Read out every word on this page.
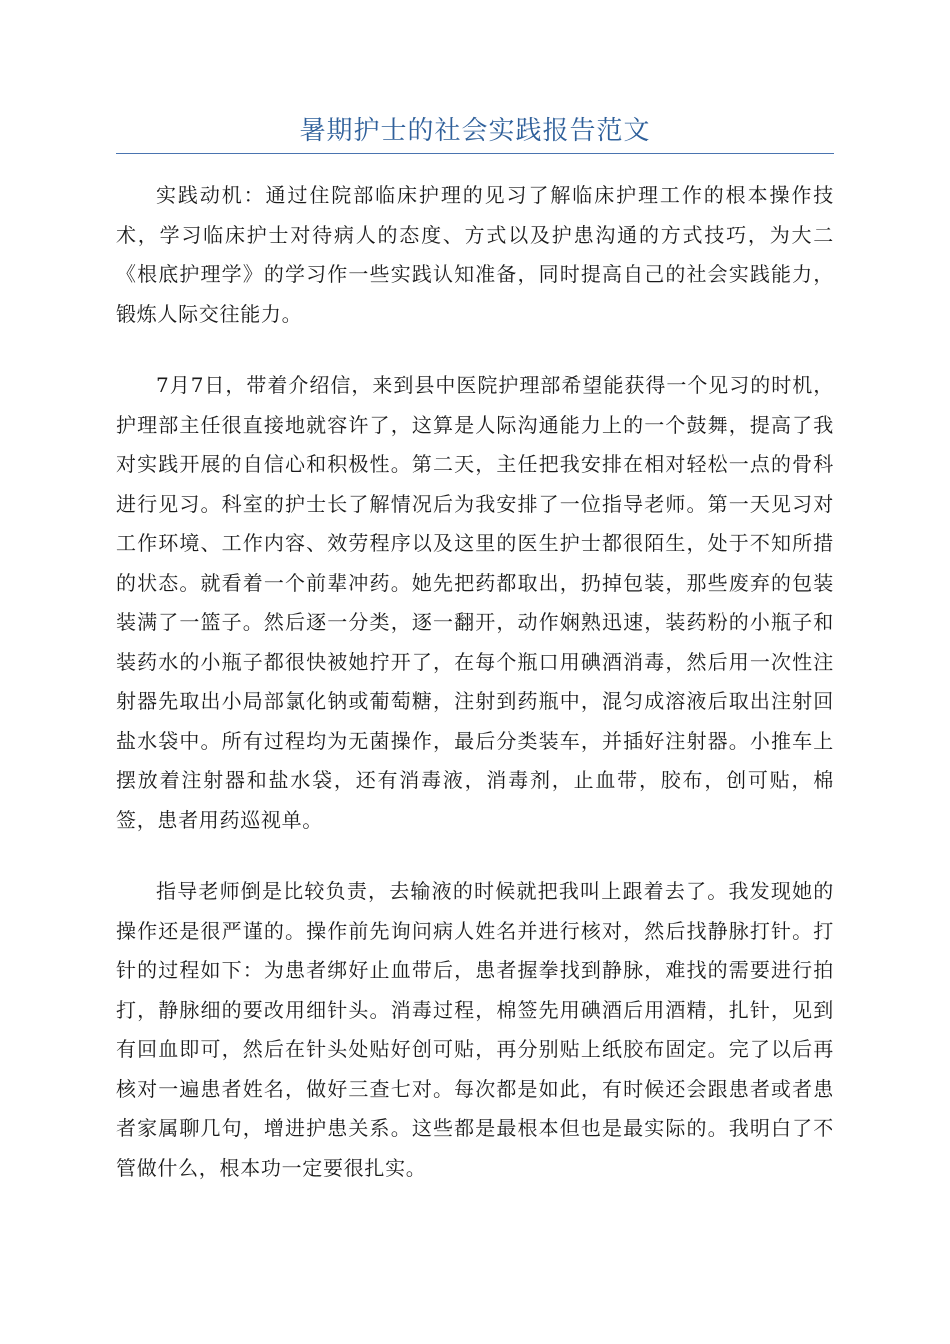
暑期护士的社会实践报告范文

实践动机：通过住院部临床护理的见习了解临床护理工作的根本操作技术，学习临床护士对待病人的态度、方式以及护患沟通的方式技巧，为大二《根底护理学》的学习作一些实践认知准备，同时提高自己的社会实践能力，锻炼人际交往能力。

7月7日，带着介绍信，来到县中医院护理部希望能获得一个见习的时机，护理部主任很直接地就容许了，这算是人际沟通能力上的一个鼓舞，提高了我对实践开展的自信心和积极性。第二天，主任把我安排在相对轻松一点的骨科进行见习。科室的护士长了解情况后为我安排了一位指导老师。第一天见习对工作环境、工作内容、效劳程序以及这里的医生护士都很陌生，处于不知所措的状态。就看着一个前辈冲药。她先把药都取出，扔掉包装，那些废弃的包装装满了一篮子。然后逐一分类，逐一翻开，动作娴熟迅速，装药粉的小瓶子和装药水的小瓶子都很快被她拧开了，在每个瓶口用碘酒消毒，然后用一次性注射器先取出小局部氯化钠或葡萄糖，注射到药瓶中，混匀成溶液后取出注射回盐水袋中。所有过程均为无菌操作，最后分类装车，并插好注射器。小推车上摆放着注射器和盐水袋，还有消毒液，消毒剂，止血带，胶布，创可贴，棉签，患者用药巡视单。

指导老师倒是比较负责，去输液的时候就把我叫上跟着去了。我发现她的操作还是很严谨的。操作前先询问病人姓名并进行核对，然后找静脉打针。打针的过程如下：为患者绑好止血带后，患者握拳找到静脉，难找的需要进行拍打，静脉细的要改用细针头。消毒过程，棉签先用碘酒后用酒精，扎针，见到有回血即可，然后在针头处贴好创可贴，再分别贴上纸胶布固定。完了以后再核对一遍患者姓名，做好三查七对。每次都是如此，有时候还会跟患者或者患者家属聊几句，增进护患关系。这些都是最根本但也是最实际的。我明白了不管做什么，根本功一定要很扎实。
